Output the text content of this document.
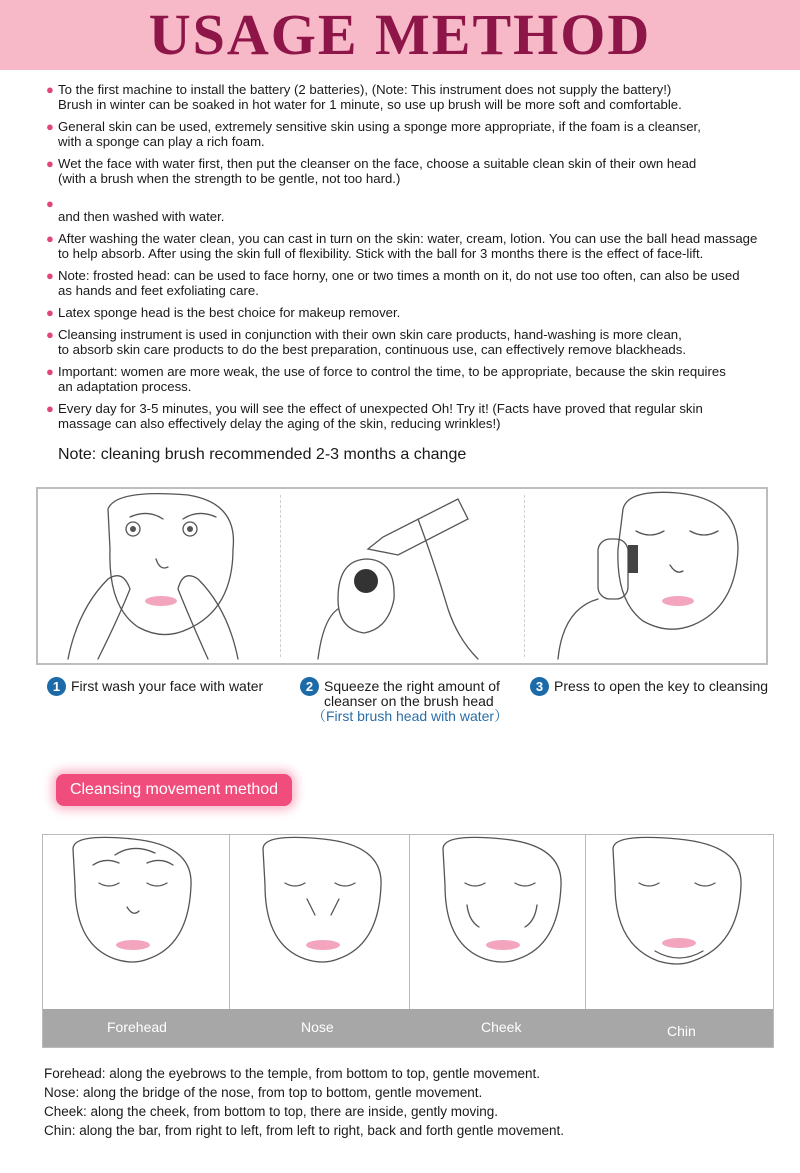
USAGE METHOD
● To the first machine to install the battery (2 batteries), (Note: This instrument does not supply the battery!)
Brush in winter can be soaked in hot water for 1 minute, so use up brush will be more soft and comfortable.
● General skin can be used, extremely sensitive skin using a sponge more appropriate, if the foam is a cleanser,
with a sponge can play a rich foam.
● Wet the face with water first, then put the cleanser on the face, choose a suitable clean skin of their own head
(with a brush when the strength to be gentle, not too hard.)
●
and then washed with water.
● After washing the water clean, you can cast in turn on the skin: water, cream, lotion. You can use the ball head massage
to help absorb. After using the skin full of flexibility. Stick with the ball for 3 months there is the effect of face-lift.
● Note: frosted head: can be used to face horny, one or two times a month on it, do not use too often, can also be used
as hands and feet exfoliating care.
● Latex sponge head is the best choice for makeup remover.
● Cleansing instrument is used in conjunction with their own skin care products, hand-washing is more clean,
to absorb skin care products to do the best preparation, continuous use, can effectively remove blackheads.
● Important: women are more weak, the use of force to control the time, to be appropriate, because the skin requires
an adaptation process.
● Every day for 3-5 minutes, you will see the effect of unexpected Oh! Try it! (Facts have proved that regular skin
massage can also effectively delay the aging of the skin, reducing wrinkles!)
Note: cleaning brush recommended 2-3 months a change
1 First wash your face with water	2 Squeeze the right amount of
cleanser on the brush head
（First brush head with water）
3 Press to open the key to cleansing
Cleansing movement method
Forehead	Nose	Cheek	Chin
Forehead: along the eyebrows to the temple, from bottom to top, gentle movement.
Nose: along the bridge of the nose, from top to bottom, gentle movement.
Cheek: along the cheek, from bottom to top, there are inside, gently moving.
Chin: along the bar, from right to left, from left to right, back and forth gentle movement.
